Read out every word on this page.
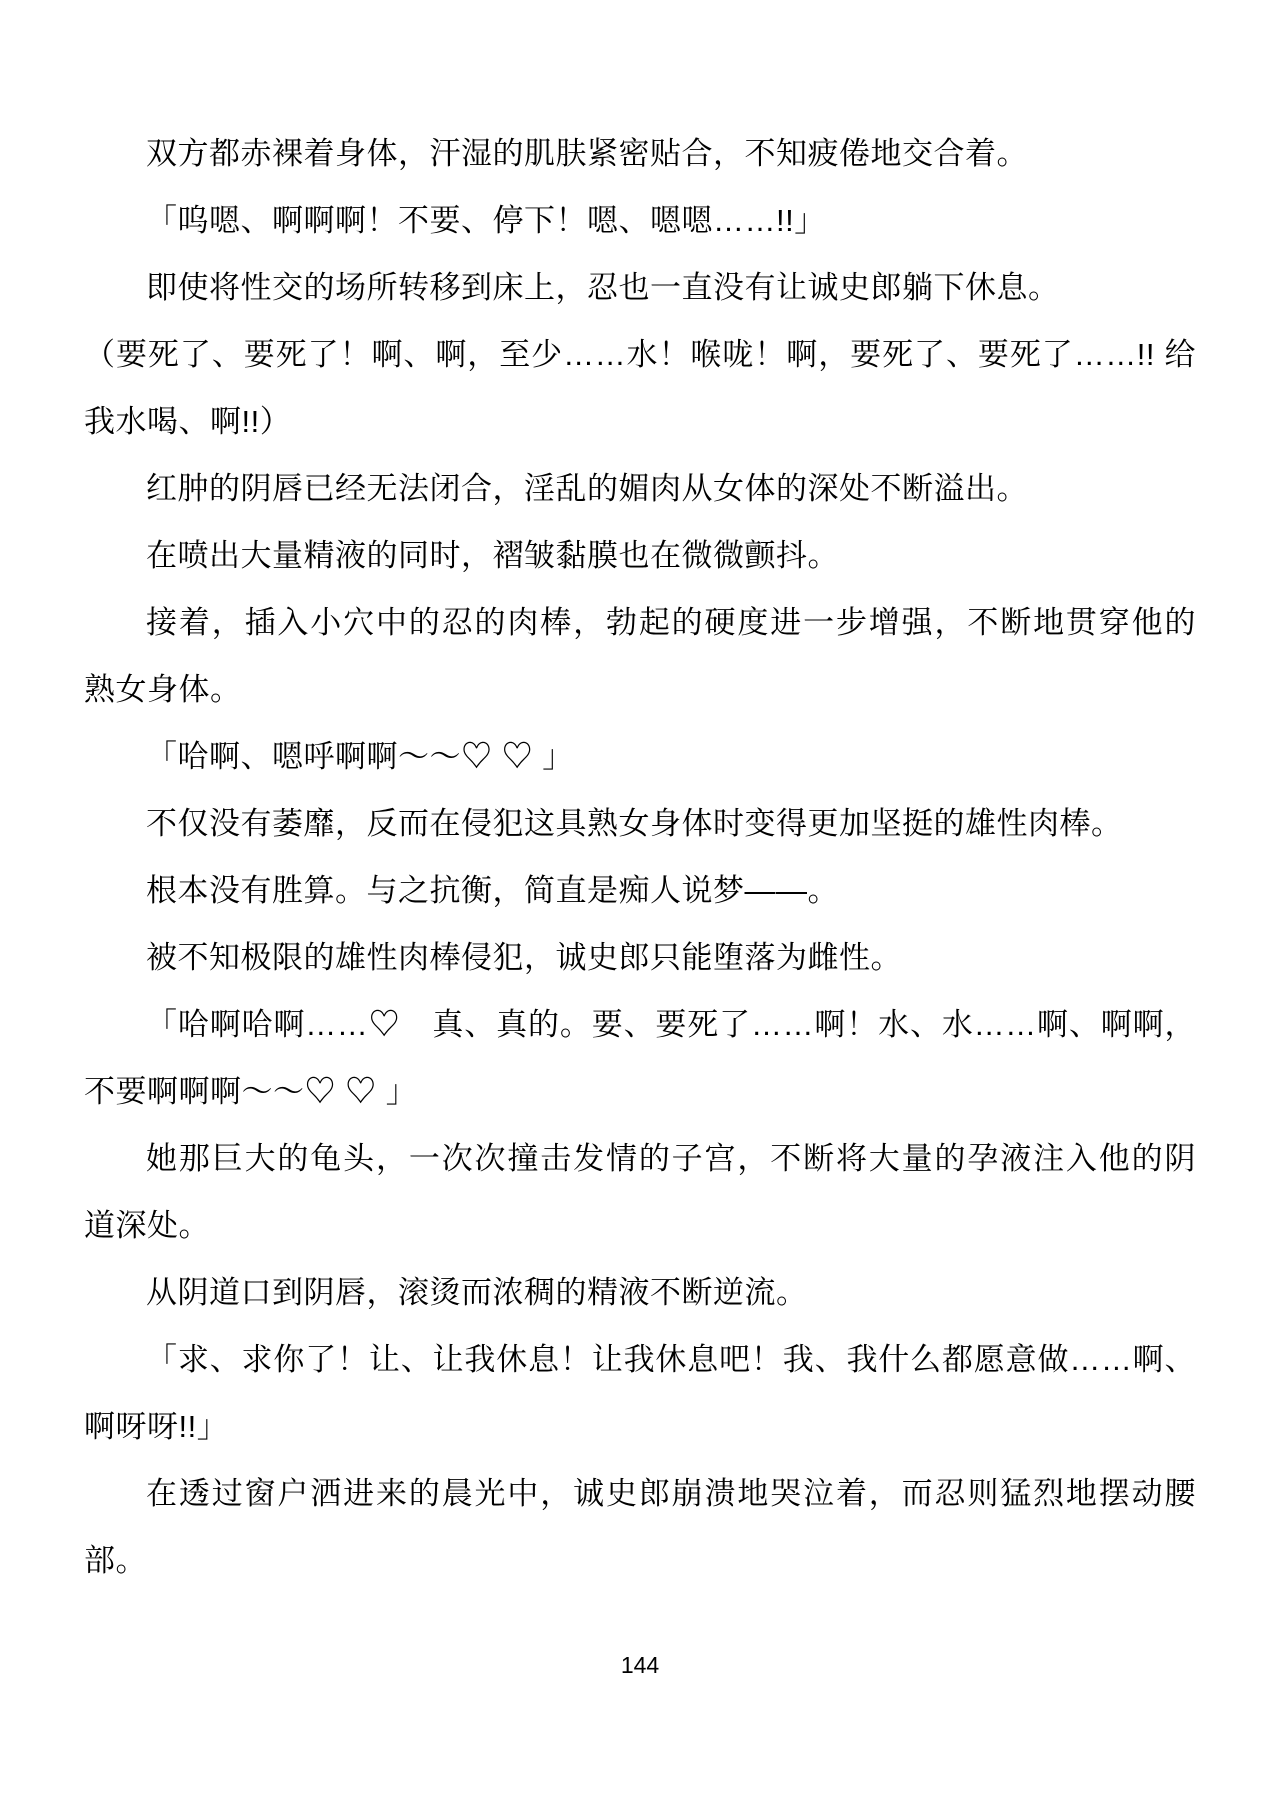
双方都赤裸着身体，汗湿的肌肤紧密贴合，不知疲倦地交合着。
「呜嗯、啊啊啊！不要、停下！嗯、嗯嗯……!!」
即使将性交的场所转移到床上，忍也一直没有让诚史郎躺下休息。
（要死了、要死了！啊、啊，至少……水！喉咙！啊，要死了、要死了……!! 给
我水喝、啊!!）
红肿的阴唇已经无法闭合，淫乱的媚肉从女体的深处不断溢出。
在喷出大量精液的同时，褶皱黏膜也在微微颤抖。
接着，插入小穴中的忍的肉棒，勃起的硬度进一步增强，不断地贯穿他的
熟女身体。
「哈啊、嗯呼啊啊～～♡ ♡ 」
不仅没有萎靡，反而在侵犯这具熟女身体时变得更加坚挺的雄性肉棒。
根本没有胜算。与之抗衡，简直是痴人说梦——。
被不知极限的雄性肉棒侵犯，诚史郎只能堕落为雌性。
「哈啊哈啊……♡　真、真的。要、要死了……啊！水、水……啊、啊啊，
不要啊啊啊～～♡ ♡ 」
她那巨大的龟头，一次次撞击发情的子宫，不断将大量的孕液注入他的阴
道深处。
从阴道口到阴唇，滚烫而浓稠的精液不断逆流。
「求、求你了！让、让我休息！让我休息吧！我、我什么都愿意做……啊、
啊呀呀!!」
在透过窗户洒进来的晨光中，诚史郎崩溃地哭泣着，而忍则猛烈地摆动腰
部。
144
